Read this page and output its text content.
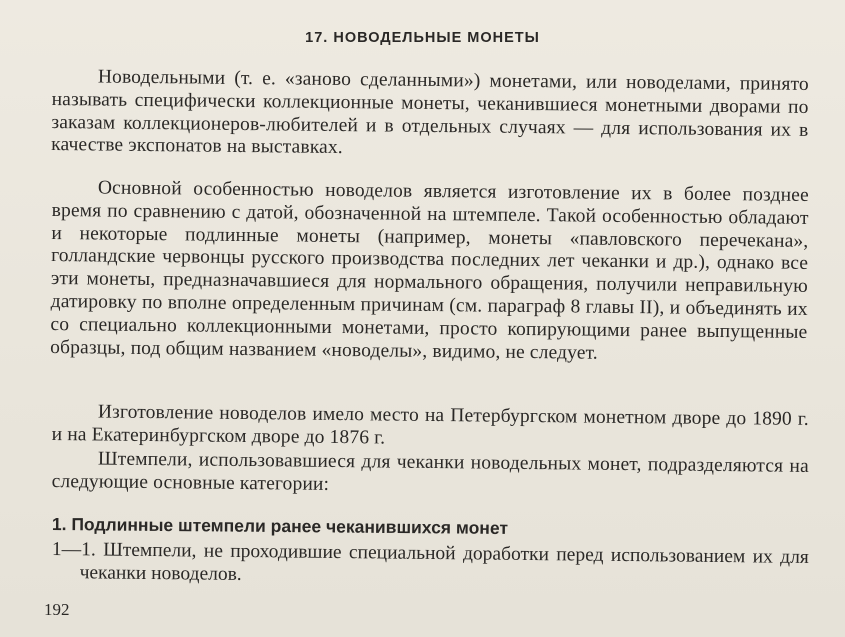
17. НОВОДЕЛЬНЫЕ МОНЕТЫ

Новодельными (т. е. «заново сделанными») монетами, или новоделами, принято называть специфически коллекционные монеты, чеканившиеся монетными дворами по заказам коллекционеров-любителей и в отдельных случаях — для использования их в качестве экспонатов на выставках.

Основной особенностью новоделов является изготовление их в более позднее время по сравнению с датой, обозначенной на штемпеле. Такой особенностью обладают и некоторые подлинные монеты (например, монеты «павловского перечекана», голландские червонцы русского производства последних лет чеканки и др.), однако все эти монеты, предназначавшиеся для нормального обращения, получили неправильную датировку по вполне определенным причинам (см. параграф 8 главы II), и объединять их со специально коллекционными монетами, просто копирующими ранее выпущенные образцы, под общим названием «новоделы», видимо, не следует.

Изготовление новоделов имело место на Петербургском монетном дворе до 1890 г. и на Екатеринбургском дворе до 1876 г.

Штемпели, использовавшиеся для чеканки новодельных монет, подразделяются на следующие основные категории:

1. Подлинные штемпели ранее чеканившихся монет

1—1. Штемпели, не проходившие специальной доработки перед использованием их для чеканки новоделов.

192
